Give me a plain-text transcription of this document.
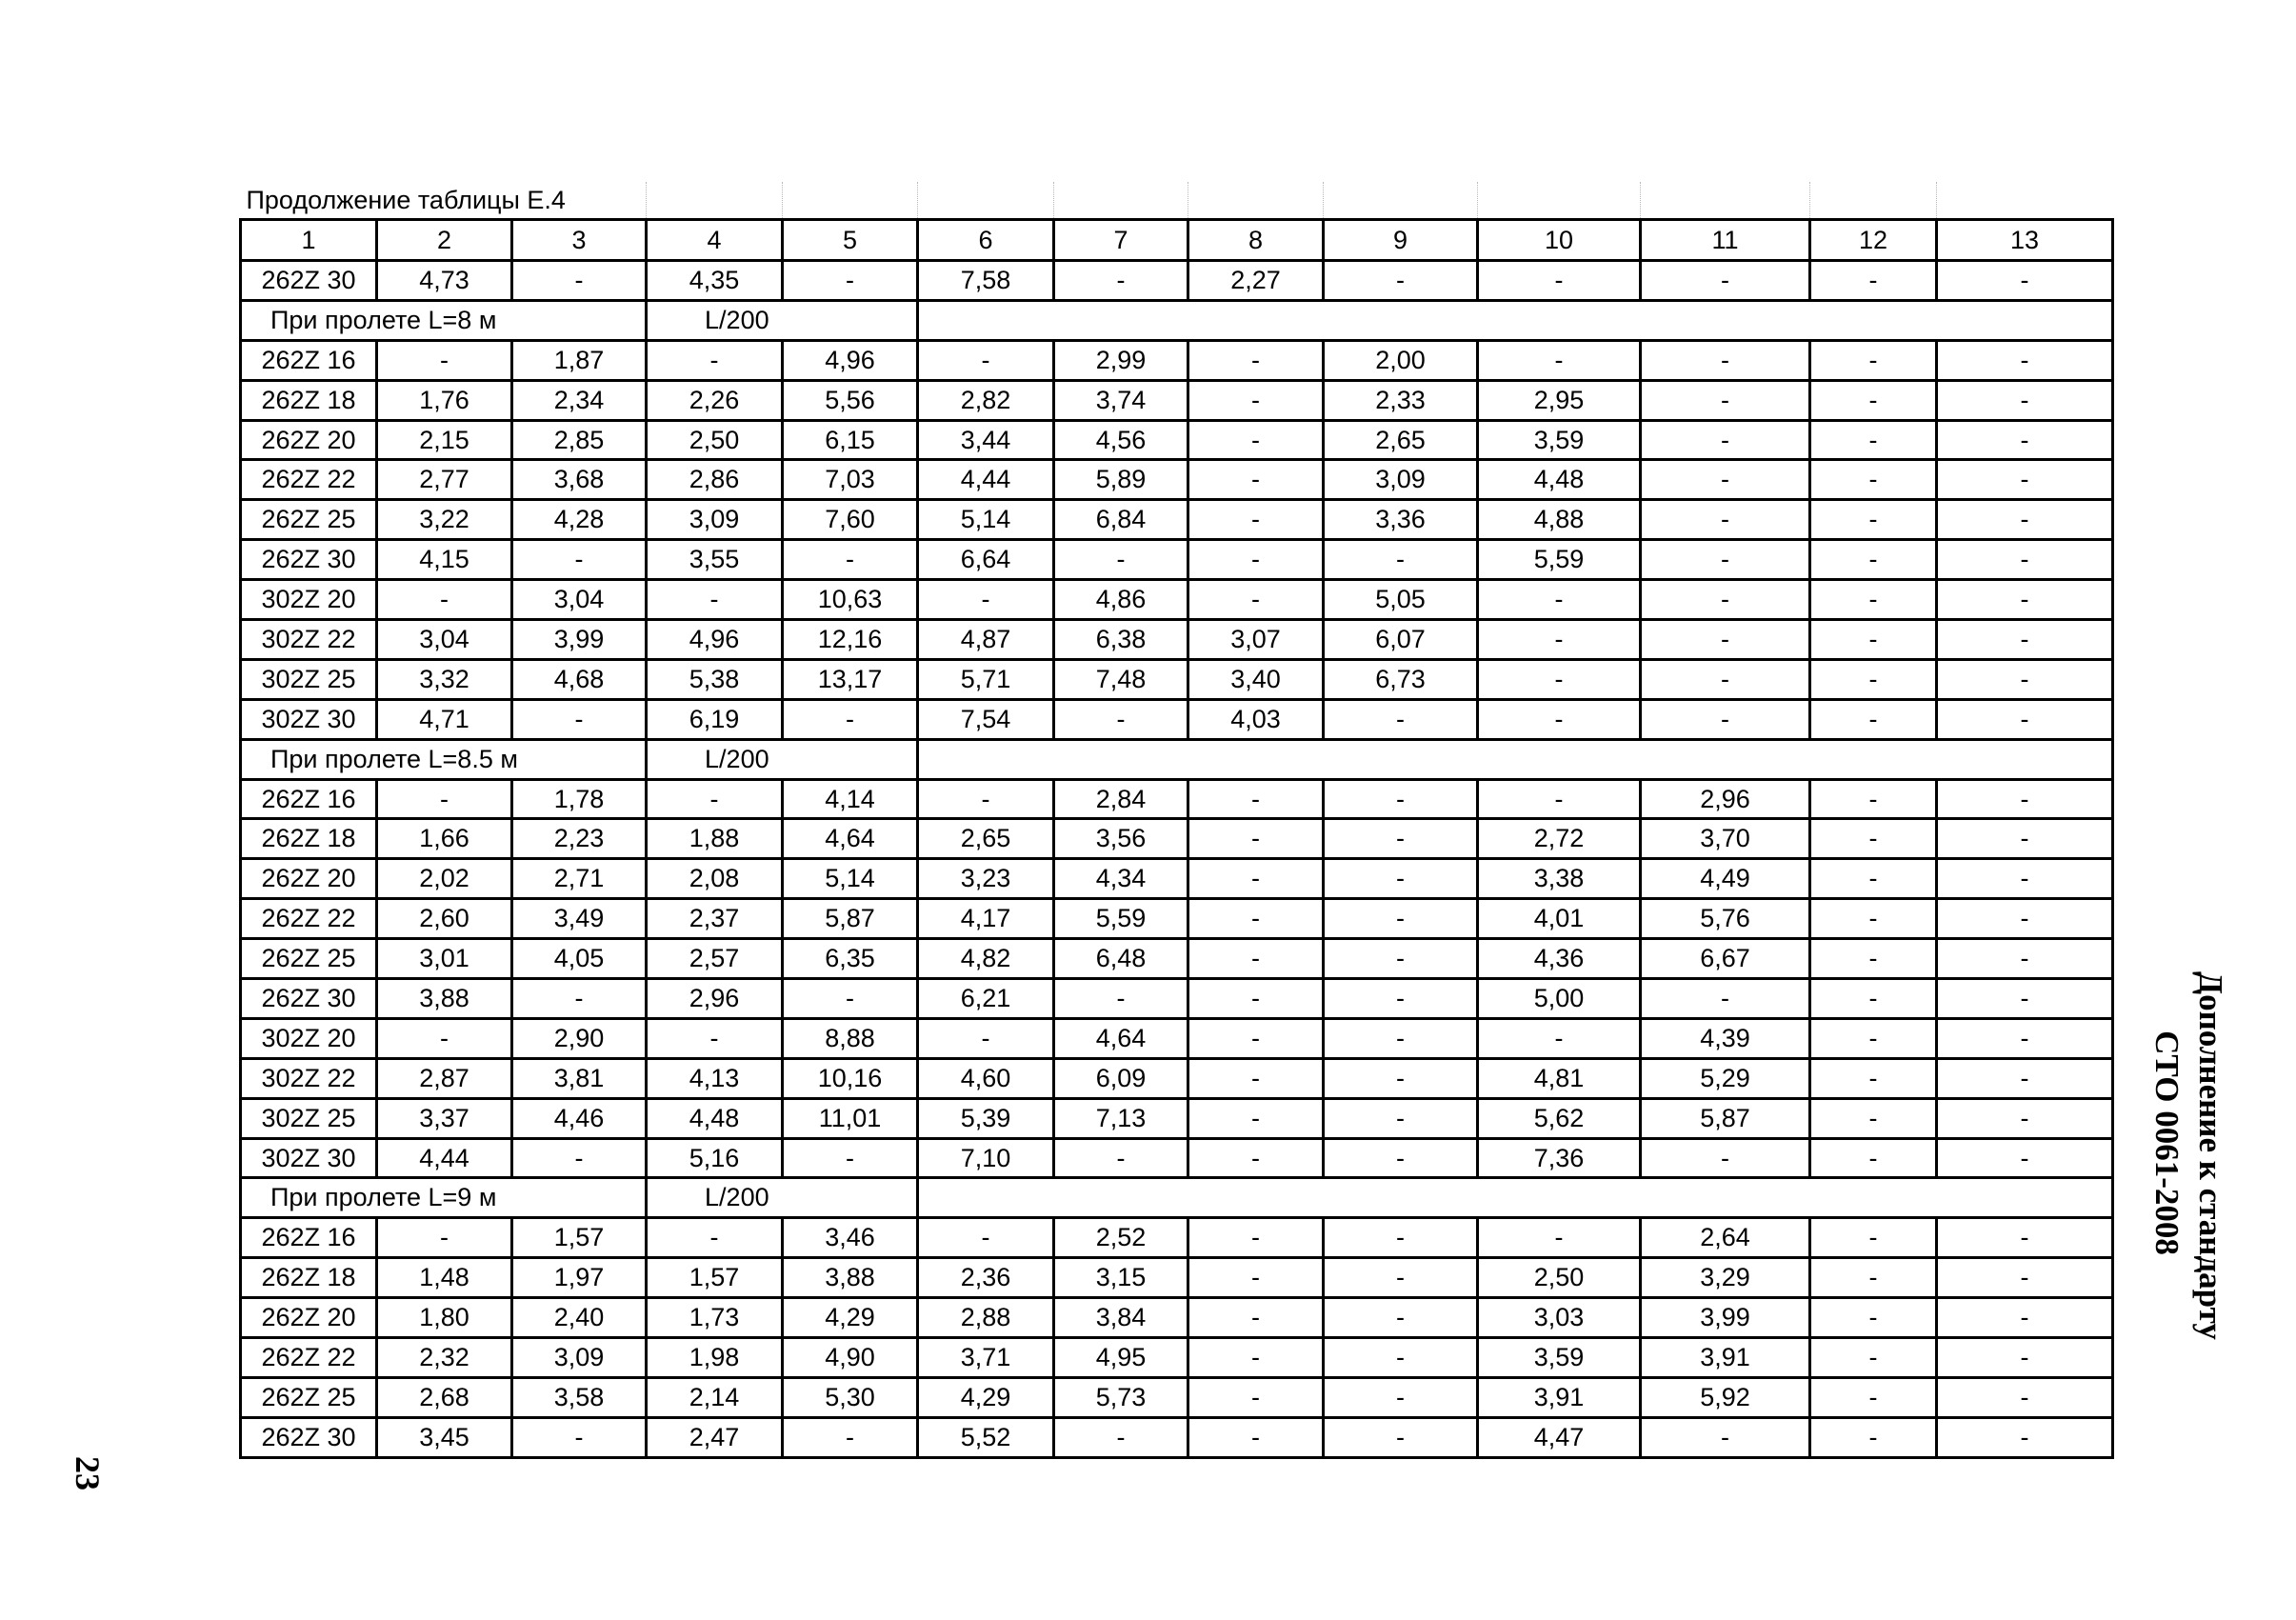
Продолжение таблицы Е.4												
1	2	3	4	5	6	7	8	9	10	11	12	13
262Z 30	4,73	-	4,35	-	7,58	-	2,27	-	-	-	-	-
При пролете L=8 м			L/200									
262Z 16	-	1,87	-	4,96	-	2,99	-	2,00	-	-	-	-
262Z 18	1,76	2,34	2,26	5,56	2,82	3,74	-	2,33	2,95	-	-	-
262Z 20	2,15	2,85	2,50	6,15	3,44	4,56	-	2,65	3,59	-	-	-
262Z 22	2,77	3,68	2,86	7,03	4,44	5,89	-	3,09	4,48	-	-	-
262Z 25	3,22	4,28	3,09	7,60	5,14	6,84	-	3,36	4,88	-	-	-
262Z 30	4,15	-	3,55	-	6,64	-	-	-	5,59	-	-	-
302Z 20	-	3,04	-	10,63	-	4,86	-	5,05	-	-	-	-
302Z 22	3,04	3,99	4,96	12,16	4,87	6,38	3,07	6,07	-	-	-	-
302Z 25	3,32	4,68	5,38	13,17	5,71	7,48	3,40	6,73	-	-	-	-
302Z 30	4,71	-	6,19	-	7,54	-	4,03	-	-	-	-	-
При пролете L=8.5 м			L/200									
262Z 16	-	1,78	-	4,14	-	2,84	-	-	-	2,96	-	-
262Z 18	1,66	2,23	1,88	4,64	2,65	3,56	-	-	2,72	3,70	-	-
262Z 20	2,02	2,71	2,08	5,14	3,23	4,34	-	-	3,38	4,49	-	-
262Z 22	2,60	3,49	2,37	5,87	4,17	5,59	-	-	4,01	5,76	-	-
262Z 25	3,01	4,05	2,57	6,35	4,82	6,48	-	-	4,36	6,67	-	-
262Z 30	3,88	-	2,96	-	6,21	-	-	-	5,00	-	-	-
302Z 20	-	2,90	-	8,88	-	4,64	-	-	-	4,39	-	-
302Z 22	2,87	3,81	4,13	10,16	4,60	6,09	-	-	4,81	5,29	-	-
302Z 25	3,37	4,46	4,48	11,01	5,39	7,13	-	-	5,62	5,87	-	-
302Z 30	4,44	-	5,16	-	7,10	-	-	-	7,36	-	-	-
При пролете L=9 м			L/200									
262Z 16	-	1,57	-	3,46	-	2,52	-	-	-	2,64	-	-
262Z 18	1,48	1,97	1,57	3,88	2,36	3,15	-	-	2,50	3,29	-	-
262Z 20	1,80	2,40	1,73	4,29	2,88	3,84	-	-	3,03	3,99	-	-
262Z 22	2,32	3,09	1,98	4,90	3,71	4,95	-	-	3,59	3,91	-	-
262Z 25	2,68	3,58	2,14	5,30	4,29	5,73	-	-	3,91	5,92	-	-
262Z 30	3,45	-	2,47	-	5,52	-	-	-	4,47	-	-	-
Дополнение к стандарту
СТО 0061-2008
23
